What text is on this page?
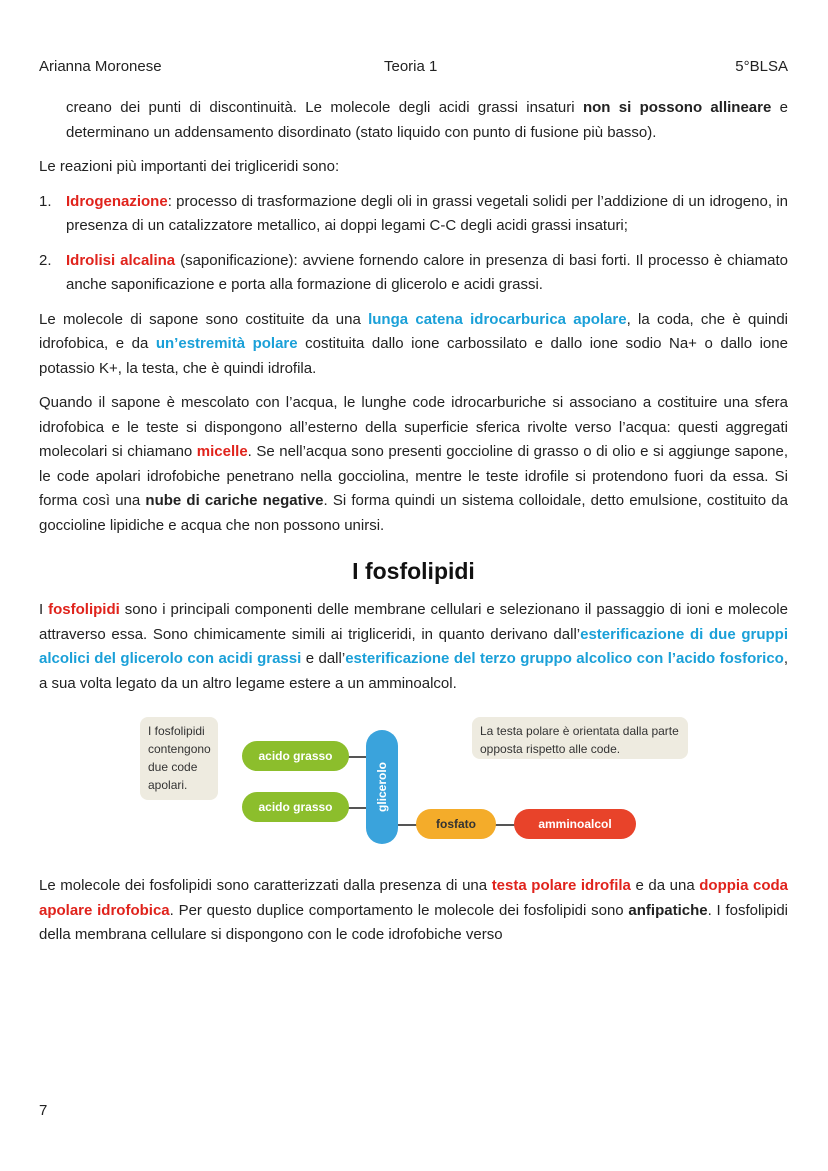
Arianna Moronese	Teoria 1	5°BLSA

creano dei punti di discontinuità. Le molecole degli acidi grassi insaturi non si possono allineare e determinano un addensamento disordinato (stato liquido con punto di fusione più basso).

Le reazioni più importanti dei trigliceridi sono:

1. Idrogenazione: processo di trasformazione degli oli in grassi vegetali solidi per l’addizione di un idrogeno, in presenza di un catalizzatore metallico, ai doppi legami C-C degli acidi grassi insaturi;

2. Idrolisi alcalina (saponificazione): avviene fornendo calore in presenza di basi forti. Il processo è chiamato anche saponificazione e porta alla formazione di glicerolo e acidi grassi.

Le molecole di sapone sono costituite da una lunga catena idrocarburica apolare, la coda, che è quindi idrofobica, e da un’estremità polare costituita dallo ione carbossilato e dallo ione sodio Na+ o dallo ione potassio K+, la testa, che è quindi idrofila.

Quando il sapone è mescolato con l’acqua, le lunghe code idrocarburiche si associano a costituire una sfera idrofobica e le teste si dispongono all’esterno della superficie sferica rivolte verso l’acqua: questi aggregati molecolari si chiamano micelle. Se nell’acqua sono presenti goccioline di grasso o di olio e si aggiunge sapone, le code apolari idrofobiche penetrano nella gocciolina, mentre le teste idrofile si protendono fuori da essa. Si forma così una nube di cariche negative. Si forma quindi un sistema colloidale, detto emulsione, costituito da goccioline lipidiche e acqua che non possono unirsi.

I fosfolipidi

I fosfolipidi sono i principali componenti delle membrane cellulari e selezionano il passaggio di ioni e molecole attraverso essa. Sono chimicamente simili ai trigliceridi, in quanto derivano dall’esterificazione di due gruppi alcolici del glicerolo con acidi grassi e dall’esterificazione del terzo gruppo alcolico con l’acido fosforico, a sua volta legato da un altro legame estere a un amminoalcol.

I fosfolipidi contengono due code apolari.
La testa polare è orientata dalla parte opposta rispetto alle code.
acido grasso
acido grasso	glicerolo
fosfato	amminoalcol

Le molecole dei fosfolipidi sono caratterizzati dalla presenza di una testa polare idrofila e da una doppia coda apolare idrofobica. Per questo duplice comportamento le molecole dei fosfolipidi sono anfipatiche. I fosfolipidi della membrana cellulare si dispongono con le code idrofobiche verso

7
